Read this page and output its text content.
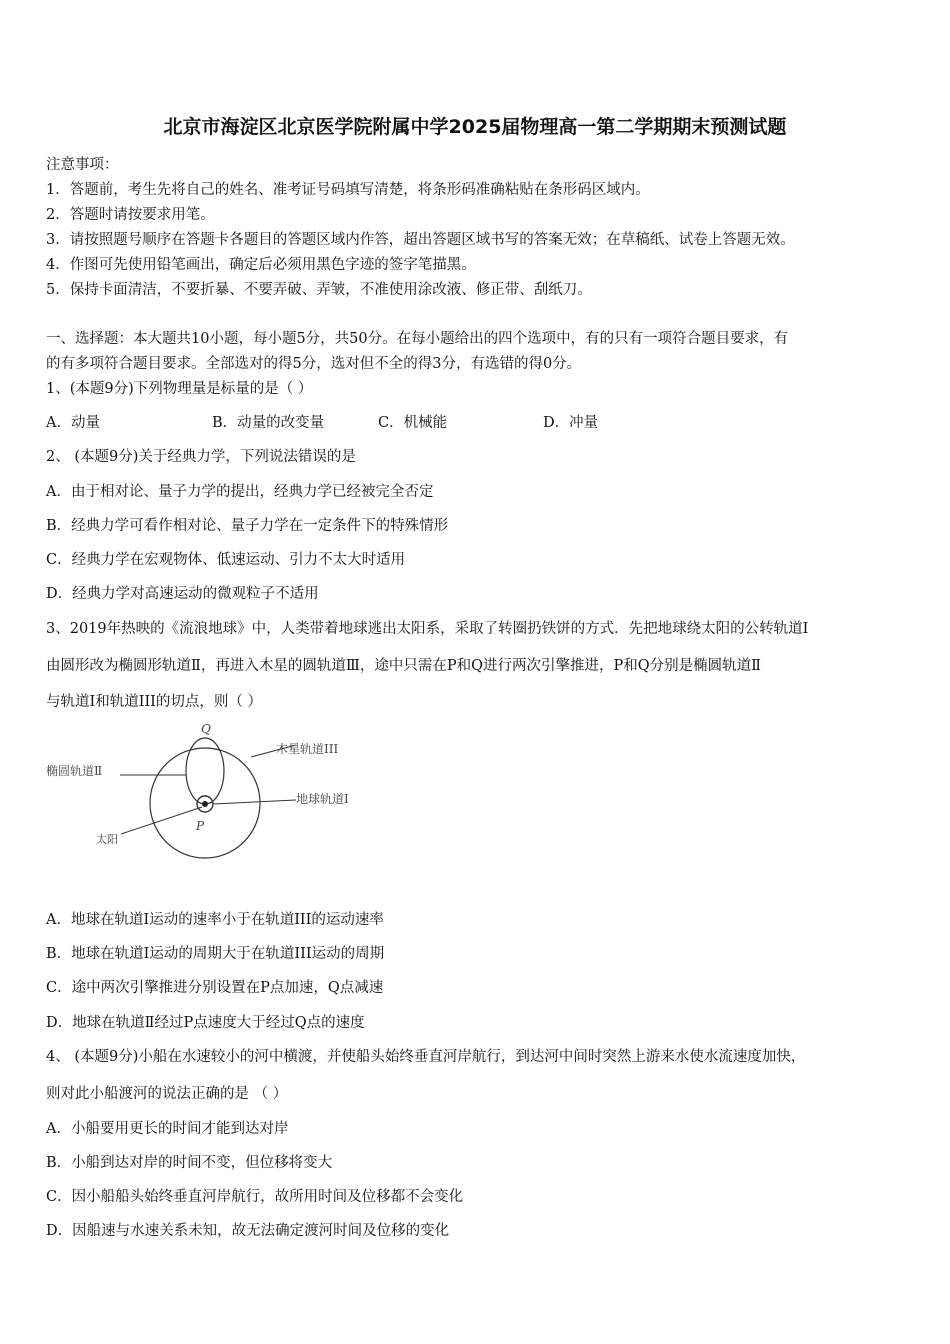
北京市海淀区北京医学院附属中学2025届物理高一第二学期期末预测试题
注意事项：
1．答题前，考生先将自己的姓名、准考证号码填写清楚，将条形码准确粘贴在条形码区域内。
2．答题时请按要求用笔。
3．请按照题号顺序在答题卡各题目的答题区域内作答，超出答题区域书写的答案无效；在草稿纸、试卷上答题无效。
4．作图可先使用铅笔画出，确定后必须用黑色字迹的签字笔描黑。
5．保持卡面清洁，不要折暴、不要弄破、弄皱，不准使用涂改液、修正带、刮纸刀。
一、选择题：本大题共10小题，每小题5分，共50分。在每小题给出的四个选项中，有的只有一项符合题目要求，有
的有多项符合题目要求。全部选对的得5分，选对但不全的得3分，有选错的得0分。
1、(本题9分)下列物理量是标量的是（ ）
A．动量	B．动量的改变量	C．机械能	D．冲量
2、 (本题9分)关于经典力学，下列说法错误的是
A．由于相对论、量子力学的提出，经典力学已经被完全否定
B．经典力学可看作相对论、量子力学在一定条件下的特殊情形
C．经典力学在宏观物体、低速运动、引力不太大时适用
D．经典力学对高速运动的微观粒子不适用
3、2019年热映的《流浪地球》中，人类带着地球逃出太阳系，采取了转圈扔铁饼的方式．先把地球绕太阳的公转轨道I
由圆形改为椭圆形轨道Ⅱ，再进入木星的圆轨道Ⅲ，途中只需在P和Q进行两次引擎推进，P和Q分别是椭圆轨道Ⅱ
与轨道I和轨道III的切点，则（ ）
Q
P
木星轨道III
椭圆轨道Ⅱ
地球轨道Ⅰ
太阳
A．地球在轨道I运动的速率小于在轨道III的运动速率
B．地球在轨道I运动的周期大于在轨道III运动的周期
C．途中两次引擎推进分别设置在P点加速，Q点减速
D．地球在轨道Ⅱ经过P点速度大于经过Q点的速度
4、 (本题9分)小船在水速较小的河中横渡，并使船头始终垂直河岸航行，到达河中间时突然上游来水使水流速度加快，
则对此小船渡河的说法正确的是 （ ）
A．小船要用更长的时间才能到达对岸
B．小船到达对岸的时间不变，但位移将变大
C．因小船船头始终垂直河岸航行，故所用时间及位移都不会变化
D．因船速与水速关系未知，故无法确定渡河时间及位移的变化
